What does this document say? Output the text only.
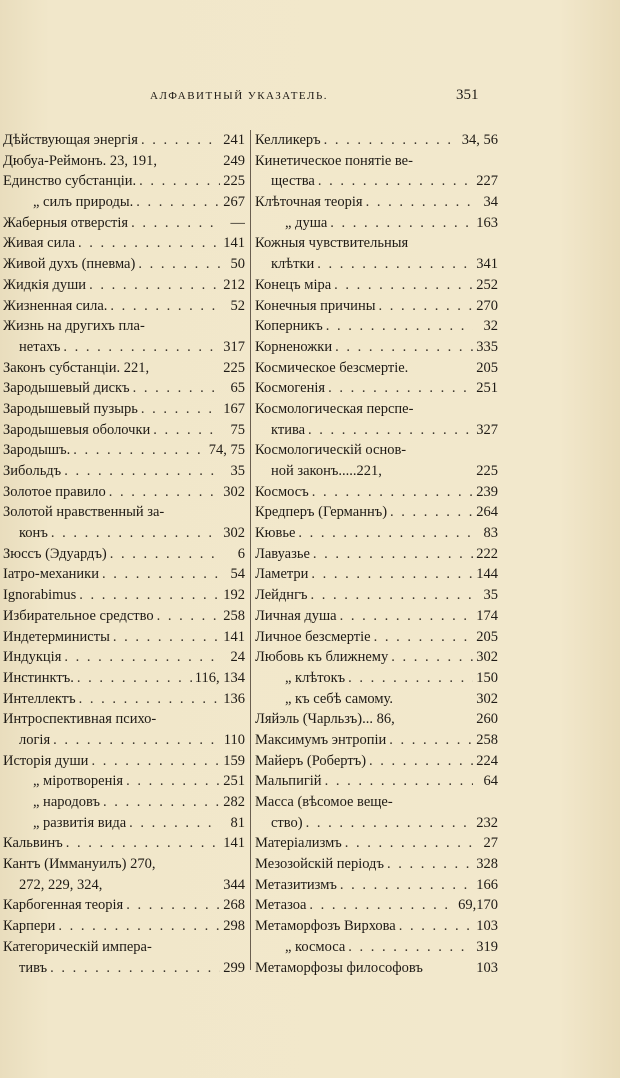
АЛФАВИТНЫЙ УКАЗАТЕЛЬ.	351
Дѣйствующая энергія . . .	241
Дюбуа-Реймонъ. 23, 191,	249
Единство субстанціи. . . .	225
„ силъ природы. . . .	267
Жаберныя отверстія . . .	—
Живая сила . . .	141
Живой духъ (пневма) . . .	50
Жидкія души . . .	212
Жизненная сила. . . .	52
Жизнь на другихъ пла-
нетахъ . . .	317
Законъ субстанціи. 221,	225
Зародышевый дискъ . . .	65
Зародышевый пузырь . . .	167
Зародышевыя оболочки . . .	75
Зародышъ. . . .	74, 75
Зибольдъ . . .	35
Золотое правило . . .	302
Золотой нравственный за-
конъ . . .	302
Зюссъ (Эдуардъ) . . .	6
Іатро-механики . . .	54
Ignorabimus . . .	192
Избирательное средство . . .	258
Индетерминисты . . .	141
Индукція . . .	24
Инстинктъ. . . .	116, 134
Интеллектъ . . .	136
Интроспективная психо-
логія . . .	110
Исторія души . . .	159
„ міротворенія . . .	251
„ народовъ . . .	282
„ развитія вида . . .	81
Кальвинъ . . .	141
Кантъ (Иммануилъ) 270,
272, 229, 324,	344
Карбогенная теорія . . .	268
Карпери . . .	298
Категорическій импера-
тивъ . . .	299
Келликеръ . . .	34, 56
Кинетическое понятіе ве-
щества . . .	227
Клѣточная теорія . . .	34
„ душа . . .	163
Кожныя чувствительныя
клѣтки . . .	341
Конецъ міра . . .	252
Конечныя причины . . .	270
Коперникъ . . .	32
Корненожки . . .	335
Космическое безсмертіе.	205
Космогенія . . .	251
Космологическая перспе-
ктива . . .	327
Космологическій основ-
ной законъ.....221,	225
Космосъ . . .	239
Кредперъ (Германнъ) . . .	264
Кювье . . .	83
Лавуазье . . .	222
Ламетри . . .	144
Лейднгъ . . .	35
Личная душа . . .	174
Личное безсмертіе . . .	205
Любовь къ ближнему . . .	302
„ клѣтокъ . . .	150
„ къ себѣ самому.	302
Ляйэль (Чарльзъ)... 86,	260
Максимумъ энтропіи . . .	258
Майеръ (Робертъ) . . .	224
Мальпигій . . .	64
Масса (вѣсомое веще-
ство) . . .	232
Матеріализмъ . . .	27
Мезозойскій періодъ . . .	328
Метазитизмъ . . .	166
Метазоа . . .	69,170
Метаморфозъ Вирхова . . .	103
„ космоса . . .	319
Метаморфозы философовъ	103
